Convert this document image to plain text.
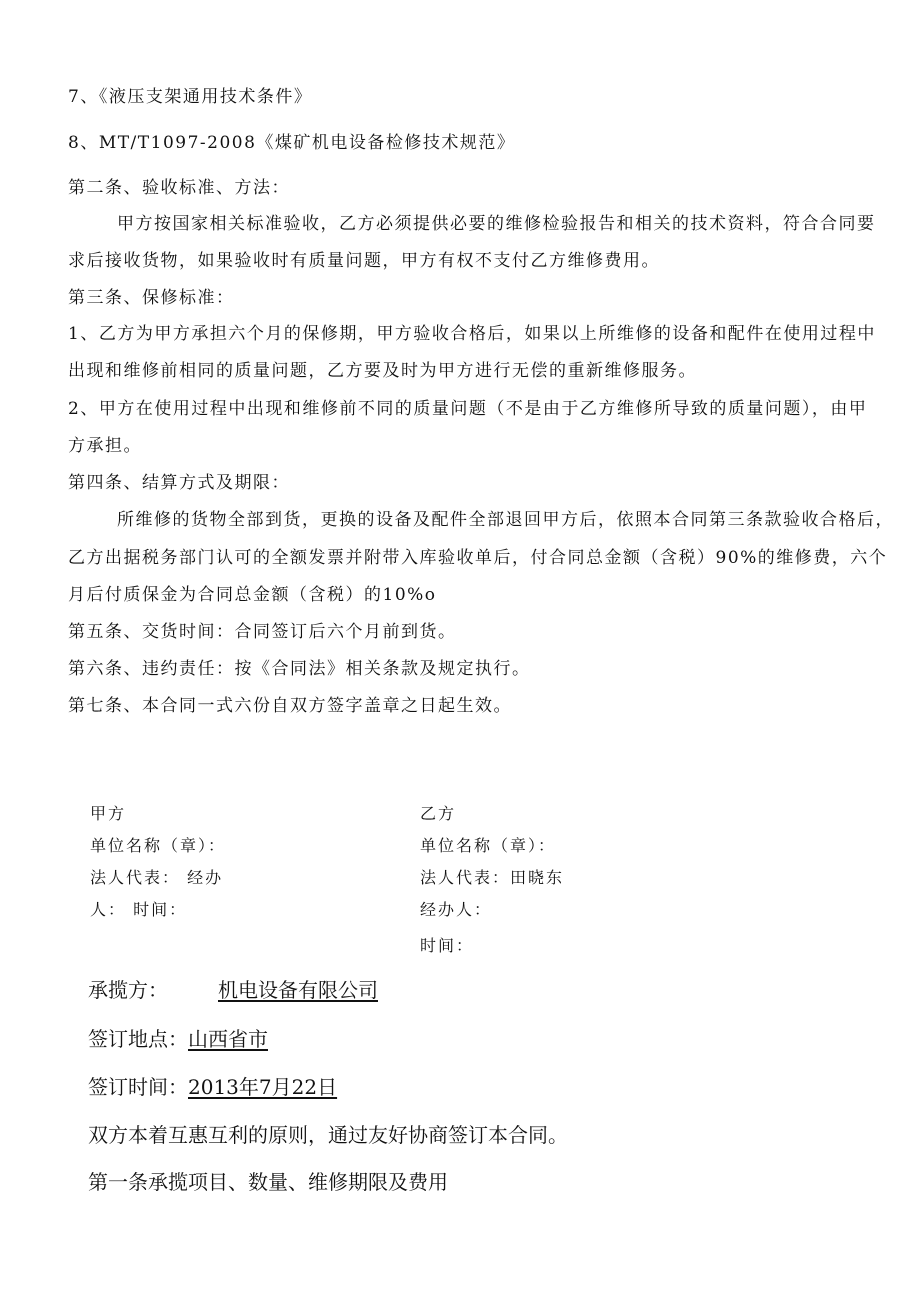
7、《液压支架通用技术条件》
8、MT/T1097-2008《煤矿机电设备检修技术规范》
第二条、验收标准、方法：
甲方按国家相关标准验收，乙方必须提供必要的维修检验报告和相关的技术资料，符合合同要
求后接收货物，如果验收时有质量问题，甲方有权不支付乙方维修费用。
第三条、保修标准：
1、乙方为甲方承担六个月的保修期，甲方验收合格后，如果以上所维修的设备和配件在使用过程中
出现和维修前相同的质量问题，乙方要及时为甲方进行无偿的重新维修服务。
2、甲方在使用过程中出现和维修前不同的质量问题（不是由于乙方维修所导致的质量问题），由甲
方承担。
第四条、结算方式及期限：
所维修的货物全部到货，更换的设备及配件全部退回甲方后，依照本合同第三条款验收合格后，
乙方出据税务部门认可的全额发票并附带入库验收单后，付合同总金额（含税）90%的维修费，六个
月后付质保金为合同总金额（含税）的10%o
第五条、交货时间：合同签订后六个月前到货。
第六条、违约责任：按《合同法》相关条款及规定执行。
第七条、本合同一式六份自双方签字盖章之日起生效。
甲方
单位名称（章）：
法人代表： 经办
人： 时间：
乙方
单位名称（章）：
法人代表：田晓东
经办人：
时间：
承揽方：	机电设备有限公司
签订地点：山西省市
签订时间：2013年7月22日
双方本着互惠互利的原则，通过友好协商签订本合同。
第一条承揽项目、数量、维修期限及费用
